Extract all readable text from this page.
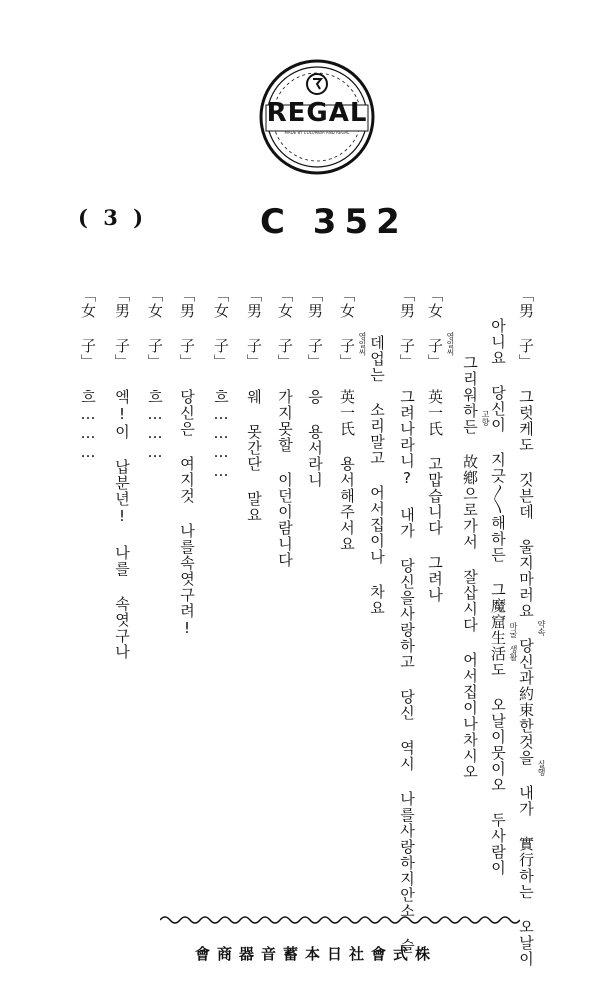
REGAL
MADE BY COLUMBIA AND REGAL
( 3 )	C 352
「男 子」 그럿케도 깃븐데 울지마러요 당신과約束한것을 내가 實行하는 오날이
아니요 당신이 지긋〳〵해하든 그魔窟生活도 오날이뭇이오 두사람이
그리워하든 故鄕으로가서 잘삽시다 어서집이나차시오
「女 子」 英一氏 고맙습니다 그려나
「男 子」 그려나라니? 내가 당신을사랑하고 당신 역시 나를사랑하지안소 슬
데업는 소리말고 어서집이나 차요
「女 子」 英一氏 용서해주서요
「男 子」 응 용서라니
「女 子」 가지못할 이던이람니다
「男 子」 웨 못간단 말요
「女 子」 흐…………
「男 子」 당신은 여지것 나를속엿구려!
「女 子」 흐………
「男 子」 엑!이 납분년! 나를 속엿구나
「女 子」 흐………
약속
실행
마굴
생활
고향
영일씨
영일씨
會商器音蓄本日社會式株
